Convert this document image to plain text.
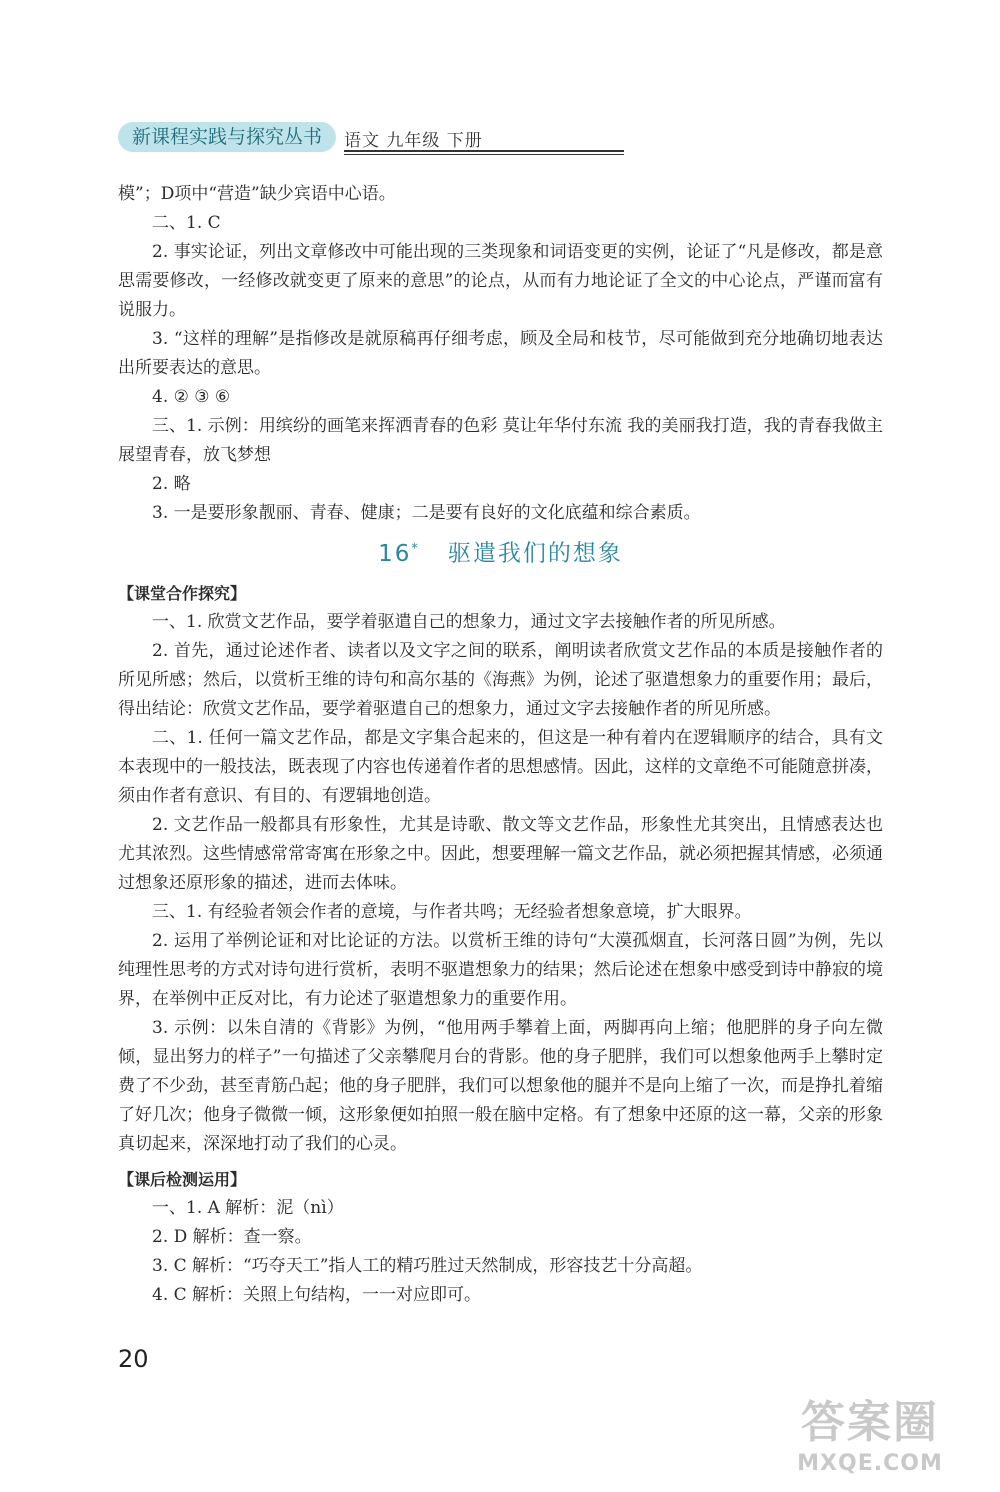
新课程实践与探究丛书	语文 九年级 下册

模”；D项中“营造”缺少宾语中心语。

二、1. C

2. 事实论证，列出文章修改中可能出现的三类现象和词语变更的实例，论证了“凡是修改，都是意思需要修改，一经修改就变更了原来的意思”的论点，从而有力地论证了全文的中心论点，严谨而富有说服力。

3. “这样的理解”是指修改是就原稿再仔细考虑，顾及全局和枝节，尽可能做到充分地确切地表达出所要表达的意思。

4. ② ③ ⑥

三、1. 示例：用缤纷的画笔来挥洒青春的色彩 莫让年华付东流 我的美丽我打造，我的青春我做主 展望青春，放飞梦想

2. 略

3. 一是要形象靓丽、青春、健康；二是要有良好的文化底蕴和综合素质。

16* 驱遣我们的想象

【课堂合作探究】

一、1. 欣赏文艺作品，要学着驱遣自己的想象力，通过文字去接触作者的所见所感。

2. 首先，通过论述作者、读者以及文字之间的联系，阐明读者欣赏文艺作品的本质是接触作者的所见所感；然后，以赏析王维的诗句和高尔基的《海燕》为例，论述了驱遣想象力的重要作用；最后，得出结论：欣赏文艺作品，要学着驱遣自己的想象力，通过文字去接触作者的所见所感。

二、1. 任何一篇文艺作品，都是文字集合起来的，但这是一种有着内在逻辑顺序的结合，具有文本表现中的一般技法，既表现了内容也传递着作者的思想感情。因此，这样的文章绝不可能随意拼凑，须由作者有意识、有目的、有逻辑地创造。

2. 文艺作品一般都具有形象性，尤其是诗歌、散文等文艺作品，形象性尤其突出，且情感表达也尤其浓烈。这些情感常常寄寓在形象之中。因此，想要理解一篇文艺作品，就必须把握其情感，必须通过想象还原形象的描述，进而去体味。

三、1. 有经验者领会作者的意境，与作者共鸣；无经验者想象意境，扩大眼界。

2. 运用了举例论证和对比论证的方法。以赏析王维的诗句“大漠孤烟直，长河落日圆”为例，先以纯理性思考的方式对诗句进行赏析，表明不驱遣想象力的结果；然后论述在想象中感受到诗中静寂的境界，在举例中正反对比，有力论述了驱遣想象力的重要作用。

3. 示例：以朱自清的《背影》为例，“他用两手攀着上面，两脚再向上缩；他肥胖的身子向左微倾，显出努力的样子”一句描述了父亲攀爬月台的背影。他的身子肥胖，我们可以想象他两手上攀时定费了不少劲，甚至青筋凸起；他的身子肥胖，我们可以想象他的腿并不是向上缩了一次，而是挣扎着缩了好几次；他身子微微一倾，这形象便如拍照一般在脑中定格。有了想象中还原的这一幕，父亲的形象真切起来，深深地打动了我们的心灵。

【课后检测运用】

一、1. A 解析：泥（nì）

2. D 解析：查一察。

3. C 解析：“巧夺天工”指人工的精巧胜过天然制成，形容技艺十分高超。

4. C 解析：关照上句结构，一一对应即可。

20
答案圈
MXQE.COM
